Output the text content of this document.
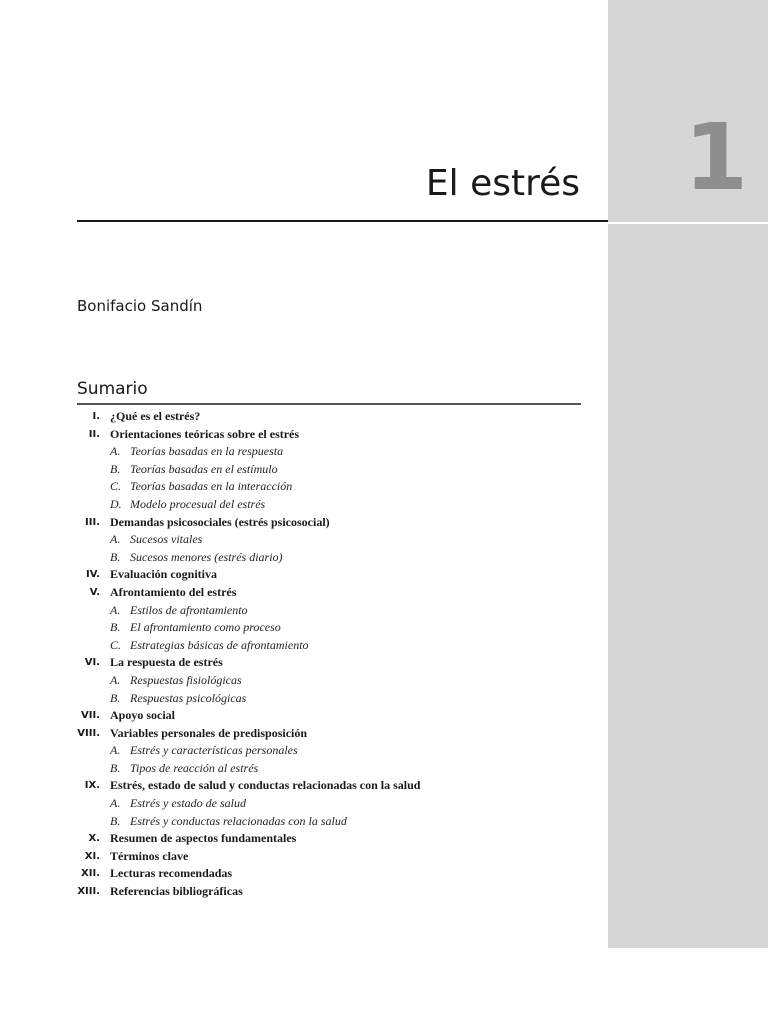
1
El estrés
Bonifacio Sandín
Sumario
I. ¿Qué es el estrés?
II. Orientaciones teóricas sobre el estrés
A. Teorías basadas en la respuesta
B. Teorías basadas en el estímulo
C. Teorías basadas en la interacción
D. Modelo procesual del estrés
III. Demandas psicosociales (estrés psicosocial)
A. Sucesos vitales
B. Sucesos menores (estrés diario)
IV. Evaluación cognitiva
V. Afrontamiento del estrés
A. Estilos de afrontamiento
B. El afrontamiento como proceso
C. Estrategias básicas de afrontamiento
VI. La respuesta de estrés
A. Respuestas fisiológicas
B. Respuestas psicológicas
VII. Apoyo social
VIII. Variables personales de predisposición
A. Estrés y características personales
B. Tipos de reacción al estrés
IX. Estrés, estado de salud y conductas relacionadas con la salud
A. Estrés y estado de salud
B. Estrés y conductas relacionadas con la salud
X. Resumen de aspectos fundamentales
XI. Términos clave
XII. Lecturas recomendadas
XIII. Referencias bibliográficas
